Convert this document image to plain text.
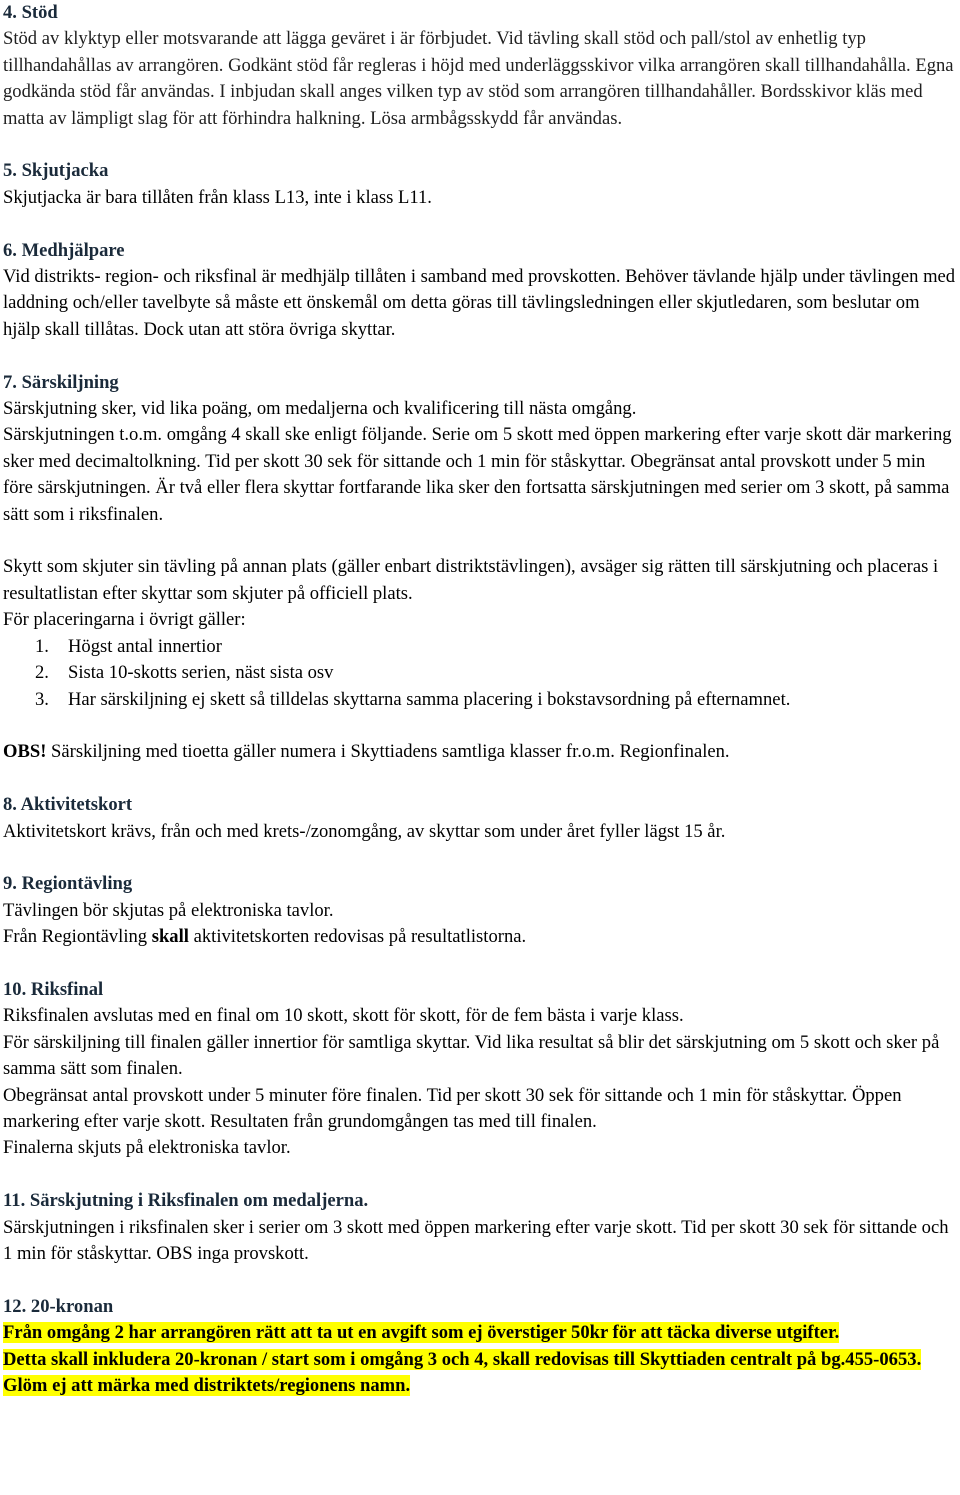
4. Stöd

Stöd av klyktyp eller motsvarande att lägga geväret i är förbjudet. Vid tävling skall stöd och pall/stol av enhetlig typ tillhandahållas av arrangören. Godkänt stöd får regleras i höjd med underläggsskivor vilka arrangören skall tillhandahålla. Egna godkända stöd får användas. I inbjudan skall anges vilken typ av stöd som arrangören tillhandahåller. Bordsskivor kläs med matta av lämpligt slag för att förhindra halkning. Lösa armbågsskydd får användas.

5. Skjutjacka

Skjutjacka är bara tillåten från klass L13, inte i klass L11.

6. Medhjälpare

Vid distrikts- region- och riksfinal är medhjälp tillåten i samband med provskotten. Behöver tävlande hjälp under tävlingen med laddning och/eller tavelbyte så måste ett önskemål om detta göras till tävlingsledningen eller skjutledaren, som beslutar om hjälp skall tillåtas. Dock utan att störa övriga skyttar.

7. Särskiljning

Särskjutning sker, vid lika poäng, om medaljerna och kvalificering till nästa omgång.

Särskjutningen t.o.m. omgång 4 skall ske enligt följande. Serie om 5 skott med öppen markering efter varje skott där markering sker med decimaltolkning. Tid per skott 30 sek för sittande och 1 min för ståskyttar. Obegränsat antal provskott under 5 min före särskjutningen. Är två eller flera skyttar fortfarande lika sker den fortsatta särskjutningen med serier om 3 skott, på samma sätt som i riksfinalen.

Skytt som skjuter sin tävling på annan plats (gäller enbart distriktstävlingen), avsäger sig rätten till särskjutning och placeras i resultatlistan efter skyttar som skjuter på officiell plats.

För placeringarna i övrigt gäller:

1. Högst antal innertior
2. Sista 10-skotts serien, näst sista osv
3. Har särskiljning ej skett så tilldelas skyttarna samma placering i bokstavsordning på efternamnet.

OBS! Särskiljning med tioetta gäller numera i Skyttiadens samtliga klasser fr.o.m. Regionfinalen.

8. Aktivitetskort

Aktivitetskort krävs, från och med krets-/zonomgång, av skyttar som under året fyller lägst 15 år.

9. Regiontävling

Tävlingen bör skjutas på elektroniska tavlor.

Från Regiontävling skall aktivitetskorten redovisas på resultatlistorna.

10. Riksfinal

Riksfinalen avslutas med en final om 10 skott, skott för skott, för de fem bästa i varje klass.

För särskiljning till finalen gäller innertior för samtliga skyttar. Vid lika resultat så blir det särskjutning om 5 skott och sker på samma sätt som finalen.

Obegränsat antal provskott under 5 minuter före finalen. Tid per skott 30 sek för sittande och 1 min för ståskyttar. Öppen markering efter varje skott. Resultaten från grundomgången tas med till finalen.

Finalerna skjuts på elektroniska tavlor.

11. Särskjutning i Riksfinalen om medaljerna.

Särskjutningen i riksfinalen sker i serier om 3 skott med öppen markering efter varje skott. Tid per skott 30 sek för sittande och 1 min för ståskyttar. OBS inga provskott.

12. 20-kronan

Från omgång 2 har arrangören rätt att ta ut en avgift som ej överstiger 50kr för att täcka diverse utgifter.

Detta skall inkludera 20-kronan / start som i omgång 3 och 4, skall redovisas till Skyttiaden centralt på bg.455-0653. Glöm ej att märka med distriktets/regionens namn.
